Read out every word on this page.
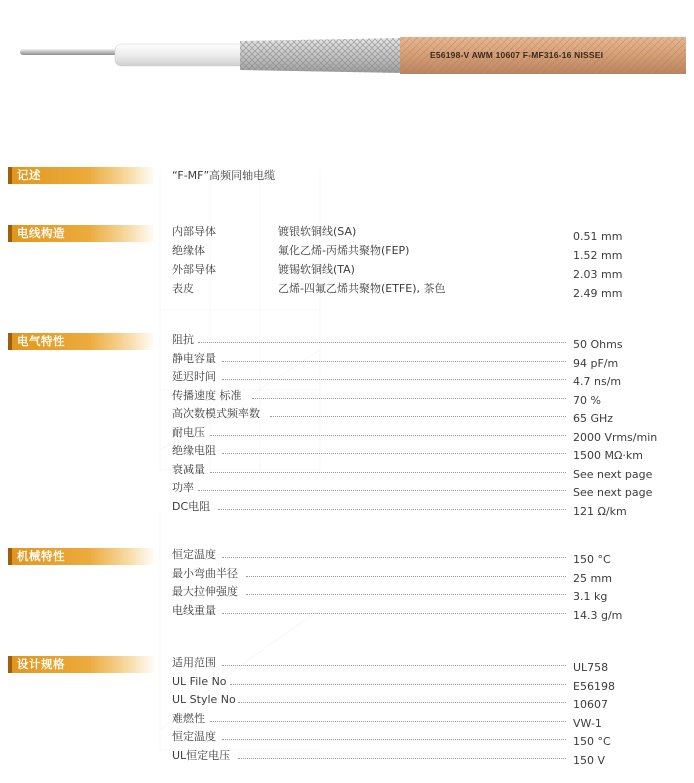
E56198-V AWM 10607 F-MF316-16 NISSEI
记述	“F-MF”高频同轴电缆
电线构造	内部导体	镀银软铜线(SA)	0.51 mm
绝缘体	氟化乙烯-丙烯共聚物(FEP)	1.52 mm
外部导体	镀锡软铜线(TA)	2.03 mm
表皮	乙烯-四氟乙烯共聚物(ETFE), 茶色	2.49 mm
电气特性	阻抗	50 Ohms
静电容量	94 pF/m
延迟时间	4.7 ns/m
传播速度 标准	70 %
高次数模式频率数	65 GHz
耐电压	2000 Vrms/min
绝缘电阻	1500 MΩ·km
衰减量	See next page
功率	See next page
DC电阻	121 Ω/km
机械特性	恒定温度	150 °C
最小弯曲半径	25 mm
最大拉伸强度	3.1 kg
电线重量	14.3 g/m
设计规格	适用范围	UL758
UL File No	E56198
UL Style No	10607
难燃性	VW-1
恒定温度	150 °C
UL恒定电压	150 V
